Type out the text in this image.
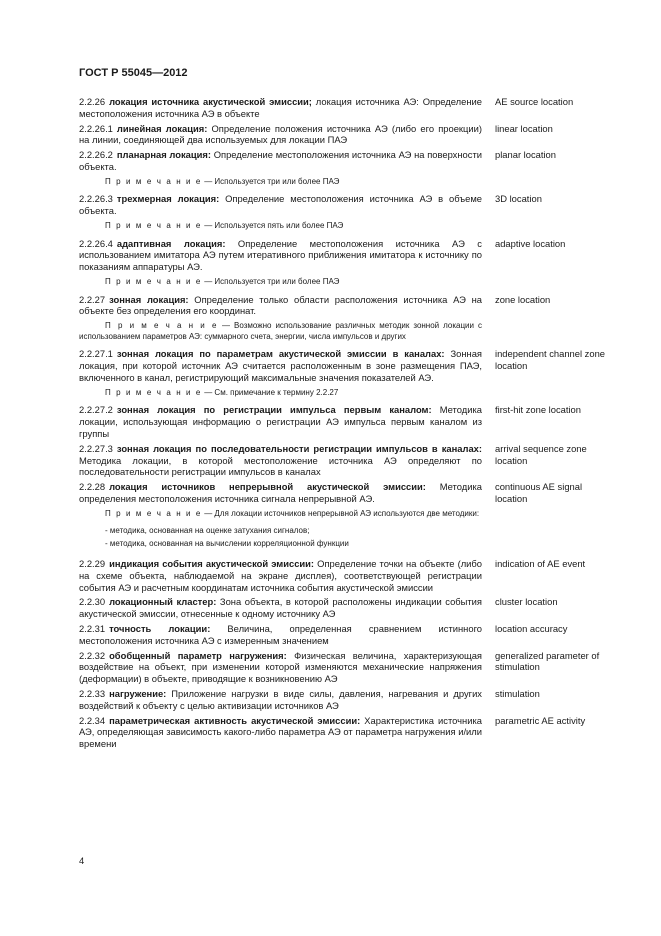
ГОСТ Р 55045—2012
2.2.26 локация источника акустической эмиссии; локация источника АЭ: Определение местоположения источника АЭ в объекте
AE source location
2.2.26.1 линейная локация: Определение положения источника АЭ (либо его проекции) на линии, соединяющей два используемых для локации ПАЭ
linear location
2.2.26.2 планарная локация: Определение местоположения источника АЭ на поверхности объекта.
planar location
П р и м е ч а н и е — Используется три или более ПАЭ
2.2.26.3 трехмерная локация: Определение местоположения источника АЭ в объеме объекта.
3D location
П р и м е ч а н и е — Используется пять или более ПАЭ
2.2.26.4 адаптивная локация: Определение местоположения источника АЭ с использованием имитатора АЭ путем итеративного приближения имитатора к источнику по показаниям аппаратуры АЭ.
adaptive location
П р и м е ч а н и е — Используется три или более ПАЭ
2.2.27 зонная локация: Определение только области расположения источника АЭ на объекте без определения его координат.
zone location
П р и м е ч а н и е — Возможно использование различных методик зонной локации с использованием параметров АЭ: суммарного счета, энергии, числа импульсов и других
2.2.27.1 зонная локация по параметрам акустической эмиссии в каналах: Зонная локация, при которой источник АЭ считается расположенным в зоне размещения ПАЭ, включенного в канал, регистрирующий максимальные значения показателей АЭ.
independent channel zone location
П р и м е ч а н и е — См. примечание к термину 2.2.27
2.2.27.2 зонная локация по регистрации импульса первым каналом: Методика локации, использующая информацию о регистрации АЭ импульса первым каналом из группы
first-hit zone location
2.2.27.3 зонная локация по последовательности регистрации импульсов в каналах: Методика локации, в которой местоположение источника АЭ определяют по последовательности регистрации импульсов в каналах
arrival sequence zone location
2.2.28 локация источников непрерывной акустической эмиссии: Методика определения местоположения источника сигнала непрерывной АЭ.
continuous AE signal location
П р и м е ч а н и е — Для локации источников непрерывной АЭ используются две методики:
- методика, основанная на оценке затухания сигналов;
- методика, основанная на вычислении корреляционной функции
2.2.29 индикация события акустической эмиссии: Определение точки на объекте (либо на схеме объекта, наблюдаемой на экране дисплея), соответствующей регистрации события АЭ и расчетным координатам источника события акустической эмиссии
indication of AE event
2.2.30 локационный кластер: Зона объекта, в которой расположены индикации события акустической эмиссии, отнесенные к одному источнику АЭ
cluster location
2.2.31 точность локации: Величина, определенная сравнением истинного местоположения источника АЭ с измеренным значением
location accuracy
2.2.32 обобщенный параметр нагружения: Физическая величина, характеризующая воздействие на объект, при изменении которой изменяются механические напряжения (деформации) в объекте, приводящие к возникновению АЭ
generalized parameter of stimulation
2.2.33 нагружение: Приложение нагрузки в виде силы, давления, нагревания и других воздействий к объекту с целью активизации источников АЭ
stimulation
2.2.34 параметрическая активность акустической эмиссии: Характеристика источника АЭ, определяющая зависимость какого-либо параметра АЭ от параметра нагружения и/или времени
parametric AE activity
4
